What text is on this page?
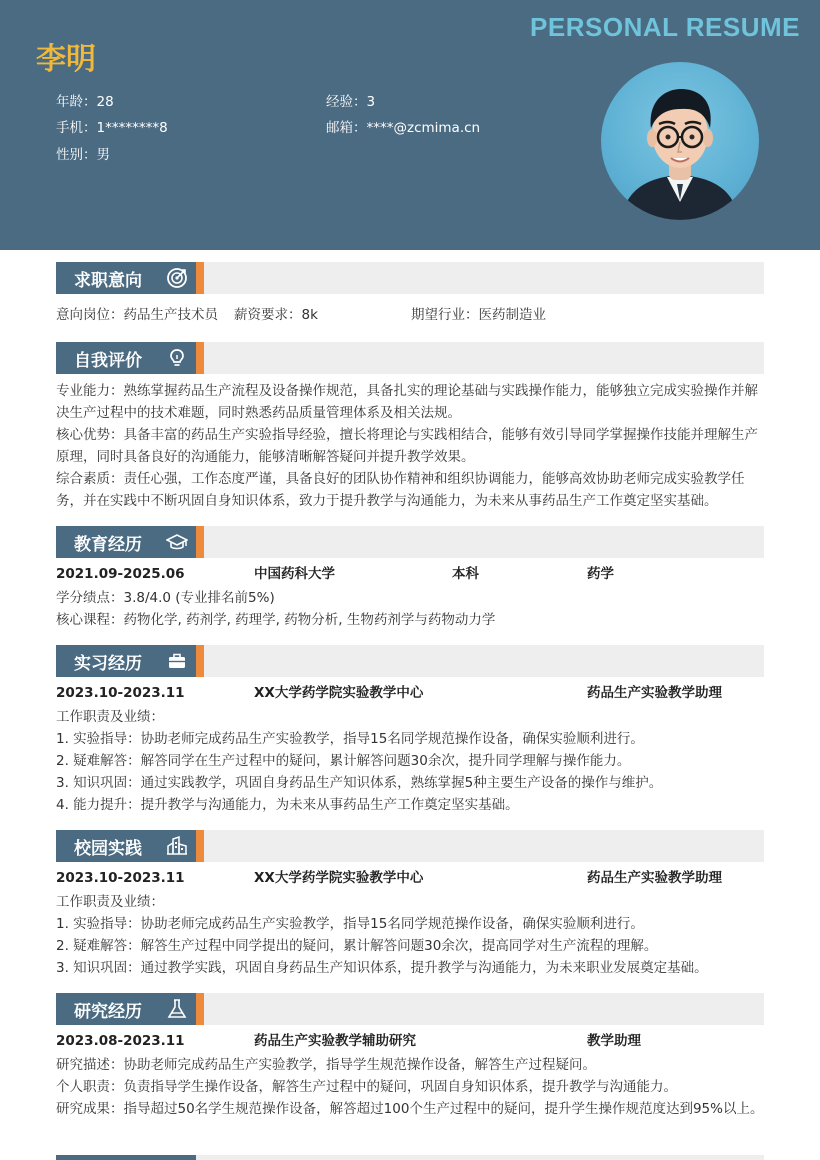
PERSONAL RESUME
李明
年龄：28
手机：1********8
性别：男
经验：3
邮箱：****@zcmima.cn
求职意向
意向岗位：药品生产技术员 薪资要求：8k	期望行业：医药制造业
自我评价
专业能力：熟练掌握药品生产流程及设备操作规范，具备扎实的理论基础与实践操作能力，能够独立完成实验操作并解决生产过程中的技术难题，同时熟悉药品质量管理体系及相关法规。
核心优势：具备丰富的药品生产实验指导经验，擅长将理论与实践相结合，能够有效引导同学掌握操作技能并理解生产原理，同时具备良好的沟通能力，能够清晰解答疑问并提升教学效果。
综合素质：责任心强，工作态度严谨，具备良好的团队协作精神和组织协调能力，能够高效协助老师完成实验教学任务，并在实践中不断巩固自身知识体系，致力于提升教学与沟通能力，为未来从事药品生产工作奠定坚实基础。
教育经历
2021.09-2025.06	中国药科大学	本科	药学
学分绩点：3.8/4.0 (专业排名前5%)
核心课程：药物化学, 药剂学, 药理学, 药物分析, 生物药剂学与药物动力学
实习经历
2023.10-2023.11	XX大学药学院实验教学中心	药品生产实验教学助理
工作职责及业绩：
1. 实验指导：协助老师完成药品生产实验教学，指导15名同学规范操作设备，确保实验顺利进行。
2. 疑难解答：解答同学在生产过程中的疑问，累计解答问题30余次，提升同学理解与操作能力。
3. 知识巩固：通过实践教学，巩固自身药品生产知识体系，熟练掌握5种主要生产设备的操作与维护。
4. 能力提升：提升教学与沟通能力，为未来从事药品生产工作奠定坚实基础。
校园实践
2023.10-2023.11	XX大学药学院实验教学中心	药品生产实验教学助理
工作职责及业绩：
1. 实验指导：协助老师完成药品生产实验教学，指导15名同学规范操作设备，确保实验顺利进行。
2. 疑难解答：解答生产过程中同学提出的疑问，累计解答问题30余次，提高同学对生产流程的理解。
3. 知识巩固：通过教学实践，巩固自身药品生产知识体系，提升教学与沟通能力，为未来职业发展奠定基础。
研究经历
2023.08-2023.11	药品生产实验教学辅助研究	教学助理
研究描述：协助老师完成药品生产实验教学，指导学生规范操作设备，解答生产过程疑问。
个人职责：负责指导学生操作设备，解答生产过程中的疑问，巩固自身知识体系，提升教学与沟通能力。
研究成果：指导超过50名学生规范操作设备，解答超过100个生产过程中的疑问，提升学生操作规范度达到95%以上。
